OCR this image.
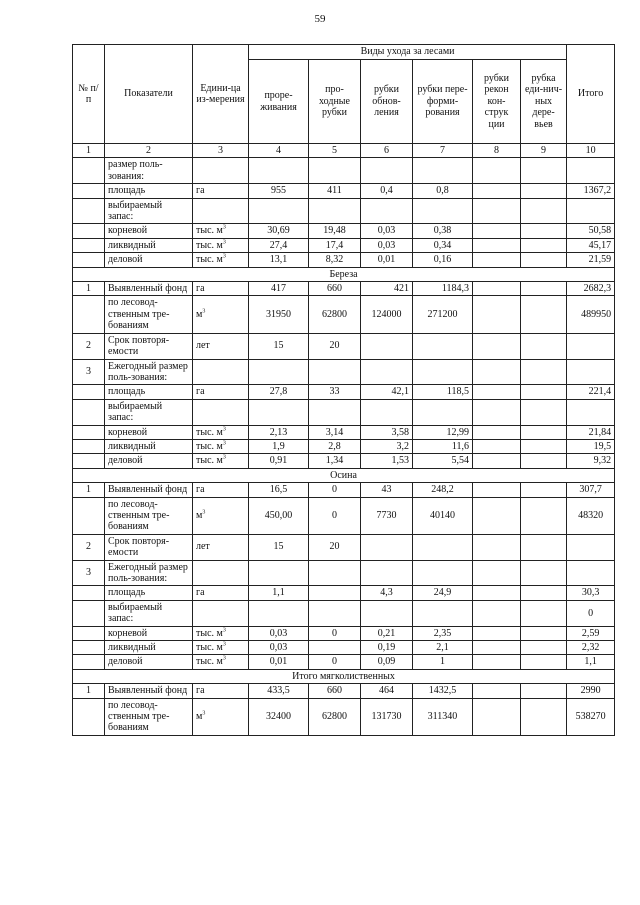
59
№ п/п	Показатели	Едини-ца из-мерения	Виды ухода за лесами						Итого
			проре-живания	про-ходные рубки	рубки обнов-ления	рубки пере-форми-рования	рубки рекон кон-струк ции	рубка еди-нич-ных дере-вьев	
1	2	3	4	5	6	7	8	9	10
	размер поль-зования:								
	площадь	га	955	411	0,4	0,8			1367,2
	выбираемый запас:								
	корневой	тыс. $м^3$	30,69	19,48	0,03	0,38			50,58
	ликвидный	тыс. $м^3$	27,4	17,4	0,03	0,34			45,17
	деловой	тыс. $м^3$	13,1	8,32	0,01	0,16			21,59
Береза									
1	Выявленный фонд	га	417	660	421	1184,3			2682,3
	по лесовод-ственным тре-бованиям	$м^3$	31950	62800	124000	271200			489950
2	Срок повторя-емости	лет	15	20					
3	Ежегодный размер поль-зования:								
	площадь	га	27,8	33	42,1	118,5			221,4
	выбираемый запас:								
	корневой	тыс. $м^3$	2,13	3,14	3,58	12,99			21,84
	ликвидный	тыс. $м^3$	1,9	2,8	3,2	11,6			19,5
	деловой	тыс. $м^3$	0,91	1,34	1,53	5,54			9,32
Осина									
1	Выявленный фонд	га	16,5	0	43	248,2			307,7
	по лесовод-ственным тре-бованиям	$м^3$	450,00	0	7730	40140			48320
2	Срок повторя-емости	лет	15	20					
3	Ежегодный размер поль-зования:								
	площадь	га	1,1		4,3	24,9			30,3
	выбираемый запас:								0
	корневой	тыс. $м^3$	0,03	0	0,21	2,35			2,59
	ликвидный	тыс. $м^3$	0,03		0,19	2,1			2,32
	деловой	тыс. $м^3$	0,01	0	0,09	1			1,1
Итого мягколиственных									
1	Выявленный фонд	га	433,5	660	464	1432,5			2990
	по лесовод-ственным тре-бованиям	$м^3$	32400	62800	131730	311340			538270
